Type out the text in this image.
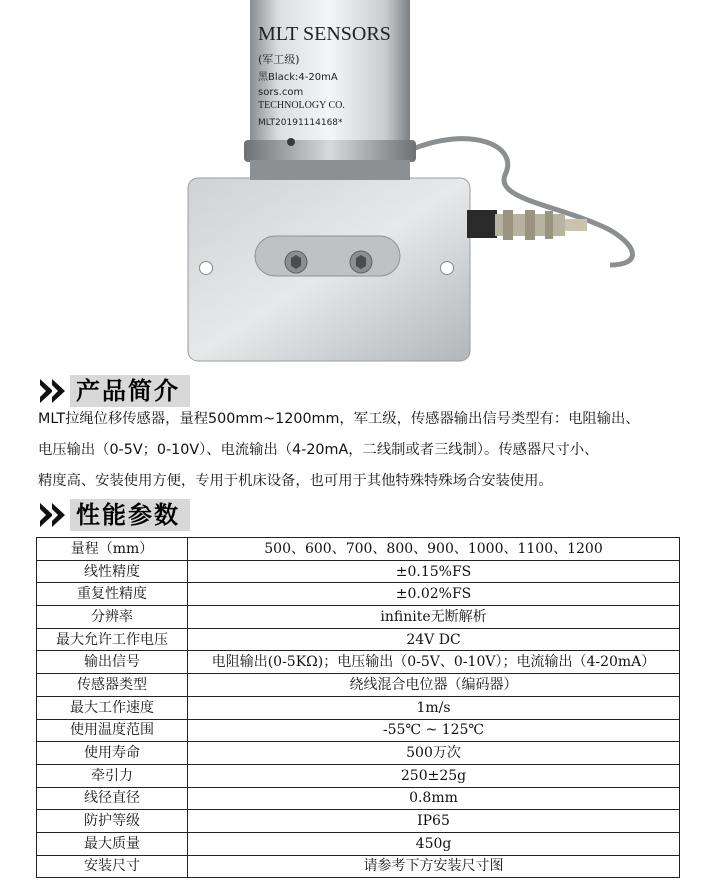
MLT SENSORS
(军工级)
黑Black:4-20mA
sors.com
TECHNOLOGY CO.
MLT20191114168*
产品简介
MLT拉绳位移传感器，量程500mm~1200mm，军工级，传感器输出信号类型有：电阻输出、
电压输出（0-5V；0-10V）、电流输出（4-20mA，二线制或者三线制）。传感器尺寸小、
精度高、安装使用方便，专用于机床设备，也可用于其他特殊特殊场合安装使用。
性能参数
量程（mm）	500、600、700、800、900、1000、1100、1200
线性精度	±0.15%FS
重复性精度	±0.02%FS
分辨率	infinite无断解析
最大允许工作电压	24V DC
输出信号	电阻输出(0-5KΩ)；电压输出（0-5V、0-10V）；电流输出（4-20mA）
传感器类型	绕线混合电位器（编码器）
最大工作速度	1m/s
使用温度范围	-55℃ ~ 125℃
使用寿命	500万次
牵引力	250±25g
线径直径	0.8mm
防护等级	IP65
最大质量	450g
安装尺寸	请参考下方安装尺寸图
